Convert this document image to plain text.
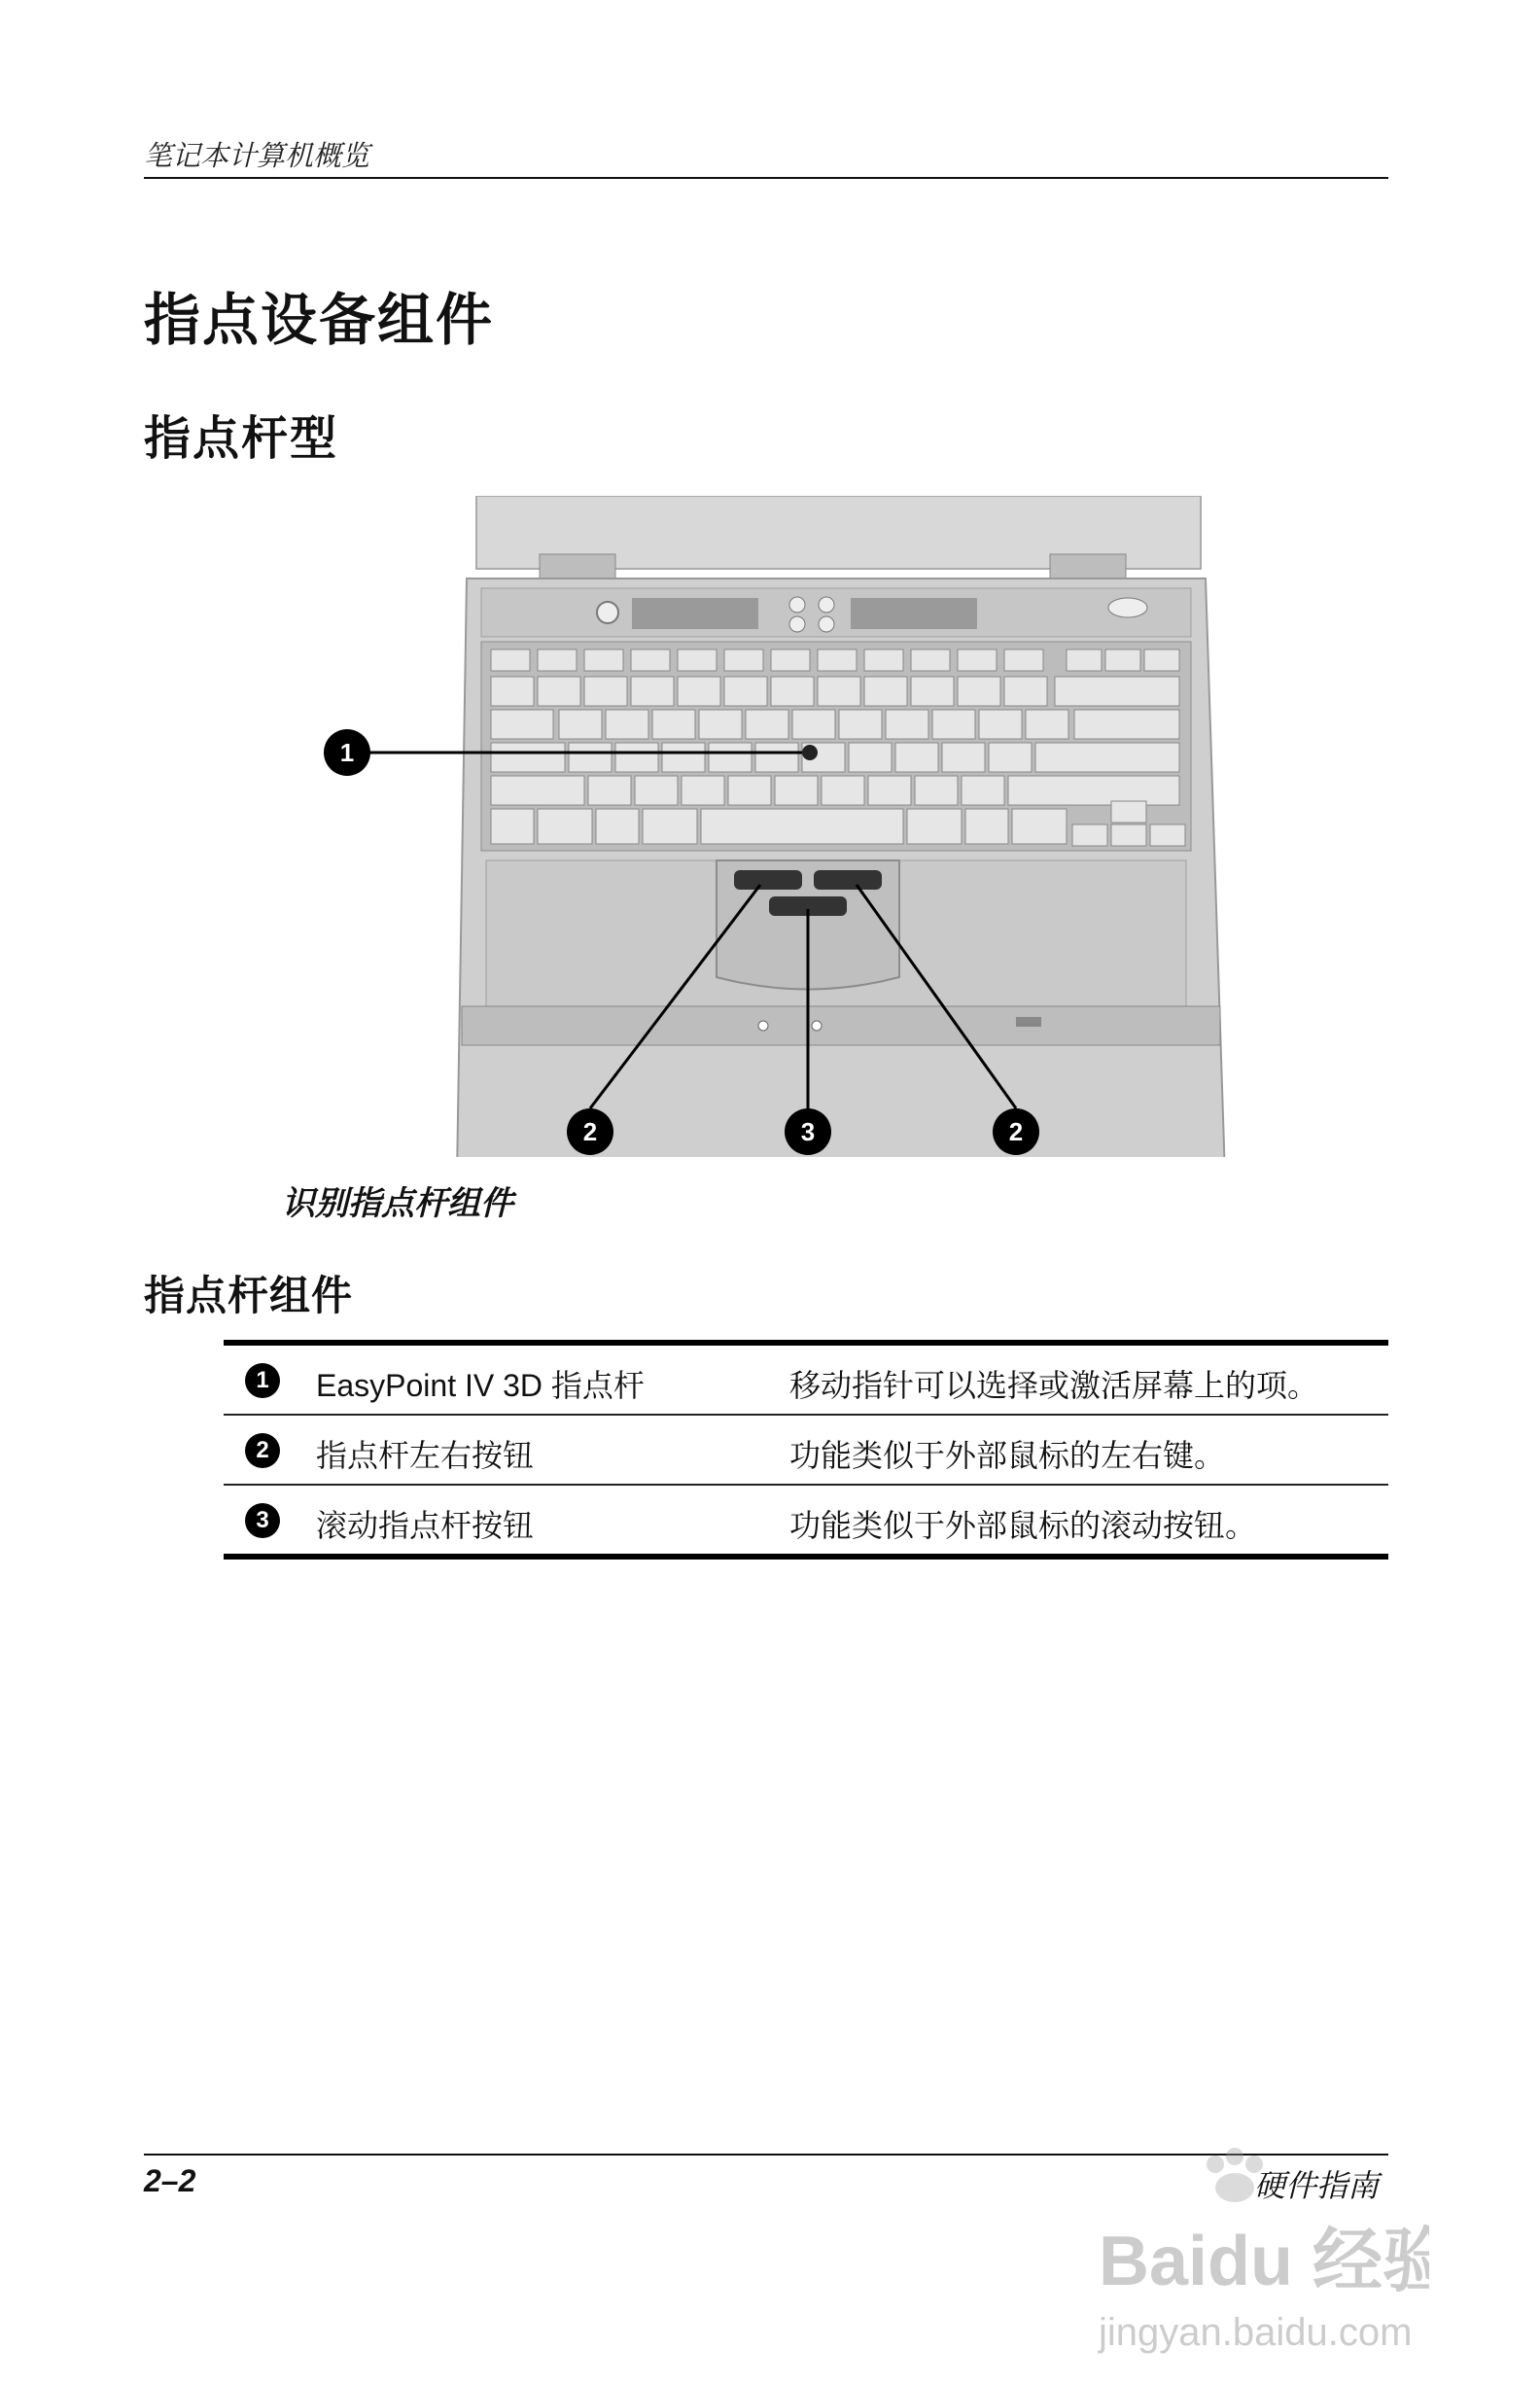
笔记本计算机概览
指点设备组件
指点杆型
1
2	3	2
识别指点杆组件
指点杆组件
1	EasyPoint IV 3D 指点杆	移动指针可以选择或激活屏幕上的项。
2	指点杆左右按钮	功能类似于外部鼠标的左右键。
3	滚动指点杆按钮	功能类似于外部鼠标的滚动按钮。
2–2	硬件指南
Baidu 经验
jingyan.baidu.com
